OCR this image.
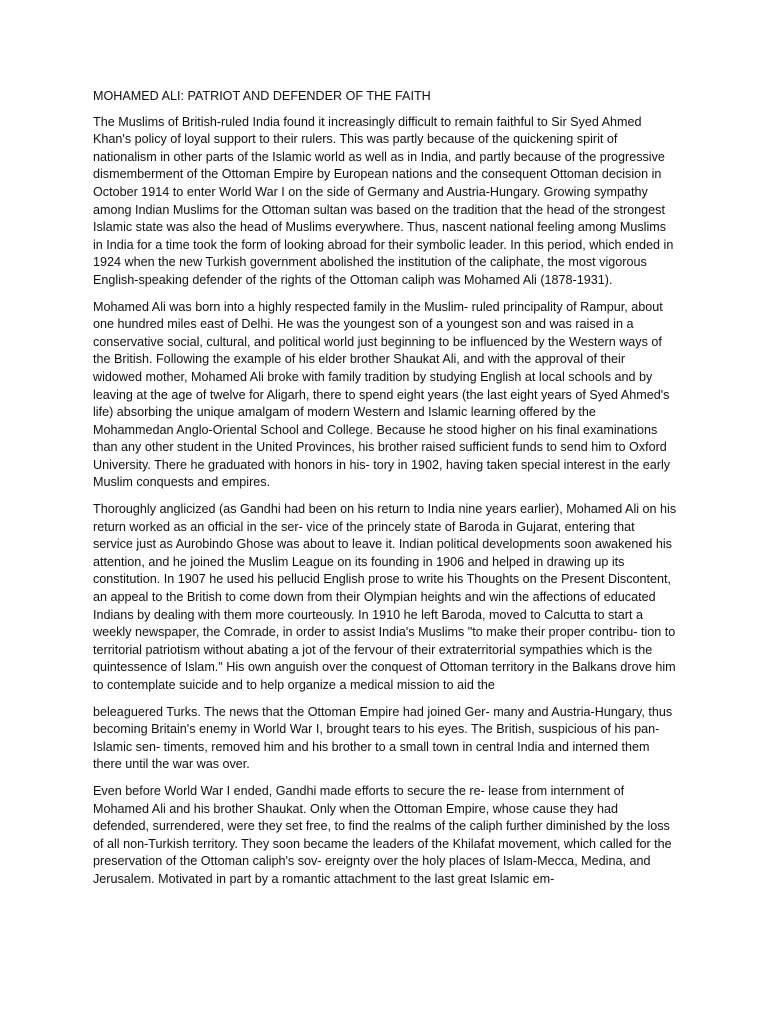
MOHAMED ALI: PATRIOT AND DEFENDER OF THE FAITH

The Muslims of British-ruled India found it increasingly difficult to remain faithful to Sir Syed Ahmed Khan's policy of loyal support to their rulers. This was partly because of the quickening spirit of nationalism in other parts of the Islamic world as well as in India, and partly because of the progressive dismemberment of the Ottoman Empire by European nations and the consequent Ottoman decision in October 1914 to enter World War I on the side of Germany and Austria-Hungary. Growing sympathy among Indian Muslims for the Ottoman sultan was based on the tradition that the head of the strongest Islamic state was also the head of Muslims everywhere. Thus, nascent national feeling among Muslims in India for a time took the form of looking abroad for their symbolic leader. In this period, which ended in 1924 when the new Turkish government abolished the institution of the caliphate, the most vigorous English-speaking defender of the rights of the Ottoman caliph was Mohamed Ali (1878-1931).

Mohamed Ali was born into a highly respected family in the Muslim- ruled principality of Rampur, about one hundred miles east of Delhi. He was the youngest son of a youngest son and was raised in a conservative social, cultural, and political world just beginning to be influenced by the Western ways of the British. Following the example of his elder brother Shaukat Ali, and with the approval of their widowed mother, Mohamed Ali broke with family tradition by studying English at local schools and by leaving at the age of twelve for Aligarh, there to spend eight years (the last eight years of Syed Ahmed's life) absorbing the unique amalgam of modern Western and Islamic learning offered by the Mohammedan Anglo-Oriental School and College. Because he stood higher on his final examinations than any other student in the United Provinces, his brother raised sufficient funds to send him to Oxford University. There he graduated with honors in his- tory in 1902, having taken special interest in the early Muslim conquests and empires.

Thoroughly anglicized (as Gandhi had been on his return to India nine years earlier), Mohamed Ali on his return worked as an official in the ser- vice of the princely state of Baroda in Gujarat, entering that service just as Aurobindo Ghose was about to leave it. Indian political developments soon awakened his attention, and he joined the Muslim League on its founding in 1906 and helped in drawing up its constitution. In 1907 he used his pellucid English prose to write his Thoughts on the Present Discontent, an appeal to the British to come down from their Olympian heights and win the affections of educated Indians by dealing with them more courteously. In 1910 he left Baroda, moved to Calcutta to start a weekly newspaper, the Comrade, in order to assist India's Muslims "to make their proper contribu- tion to territorial patriotism without abating a jot of the fervour of their extraterritorial sympathies which is the quintessence of Islam." His own anguish over the conquest of Ottoman territory in the Balkans drove him to contemplate suicide and to help organize a medical mission to aid the

beleaguered Turks. The news that the Ottoman Empire had joined Ger- many and Austria-Hungary, thus becoming Britain's enemy in World War I, brought tears to his eyes. The British, suspicious of his pan-Islamic sen- timents, removed him and his brother to a small town in central India and interned them there until the war was over.

Even before World War I ended, Gandhi made efforts to secure the re- lease from internment of Mohamed Ali and his brother Shaukat. Only when the Ottoman Empire, whose cause they had defended, surrendered, were they set free, to find the realms of the caliph further diminished by the loss of all non-Turkish territory. They soon became the leaders of the Khilafat movement, which called for the preservation of the Ottoman caliph's sov- ereignty over the holy places of Islam-Mecca, Medina, and Jerusalem. Motivated in part by a romantic attachment to the last great Islamic em-
